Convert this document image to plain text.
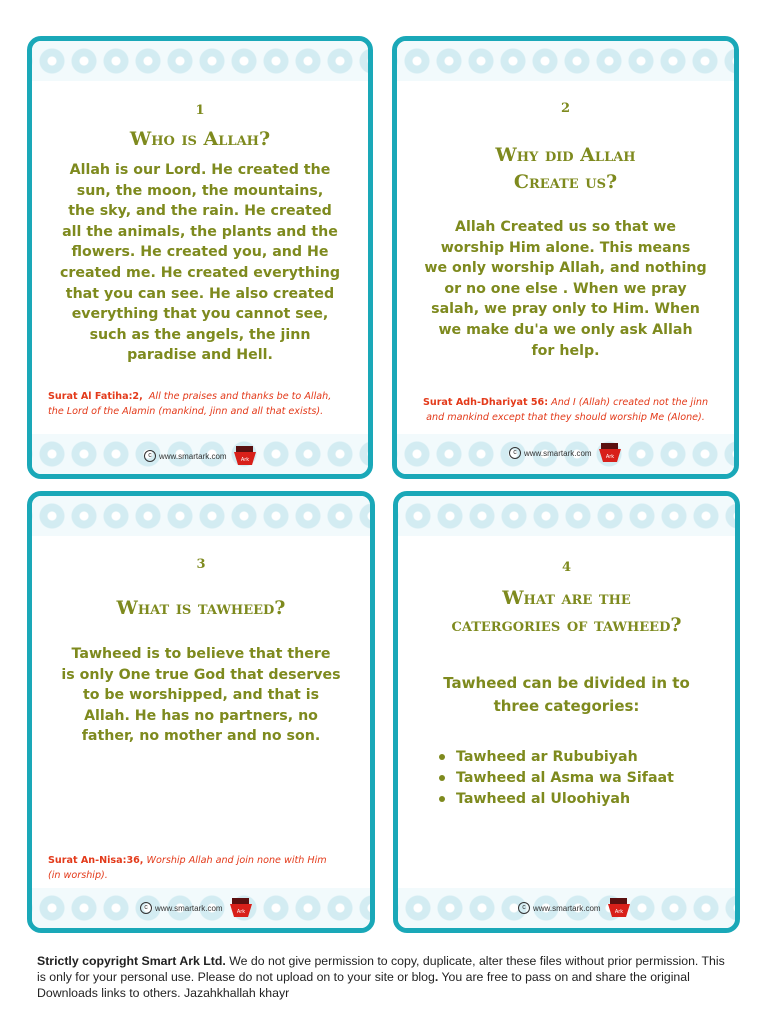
1
Who is Allah?
Allah is our Lord. He created the
sun, the moon, the mountains,
the sky, and the rain. He created
all the animals, the plants and the
flowers. He created you, and He
created me. He created everything
that you can see. He also created
everything that you cannot see,
such as the angels, the jinn
paradise and Hell.
Surat Al Fatiha:2, All the praises and thanks be to Allah,
the Lord of the Alamin (mankind, jinn and all that exists).
c www.smartark.com	Ark
2
Why did Allah
Create us?
Allah Created us so that we
worship Him alone. This means
we only worship Allah, and nothing
or no one else . When we pray
salah, we pray only to Him. When
we make du'a we only ask Allah
for help.
Surat Adh-Dhariyat 56: And I (Allah) created not the jinn
and mankind except that they should worship Me (Alone).
c www.smartark.com	Ark
3
What is tawheed?
Tawheed is to believe that there
is only One true God that deserves
to be worshipped, and that is
Allah. He has no partners, no
father, no mother and no son.
Surat An-Nisa:36, Worship Allah and join none with Him
(in worship).
c www.smartark.com	Ark
4
What are the
catergories of tawheed?
Tawheed can be divided in to
three categories:
Tawheed ar Rububiyah
Tawheed al Asma wa Sifaat
Tawheed al Uloohiyah
c www.smartark.com	Ark

Strictly copyright Smart Ark Ltd. We do not give permission to copy, duplicate, alter these files without prior permission. This is only for your personal use. Please do not upload on to your site or blog. You are free to pass on and share the original Downloads links to others. Jazahkhallah khayr
